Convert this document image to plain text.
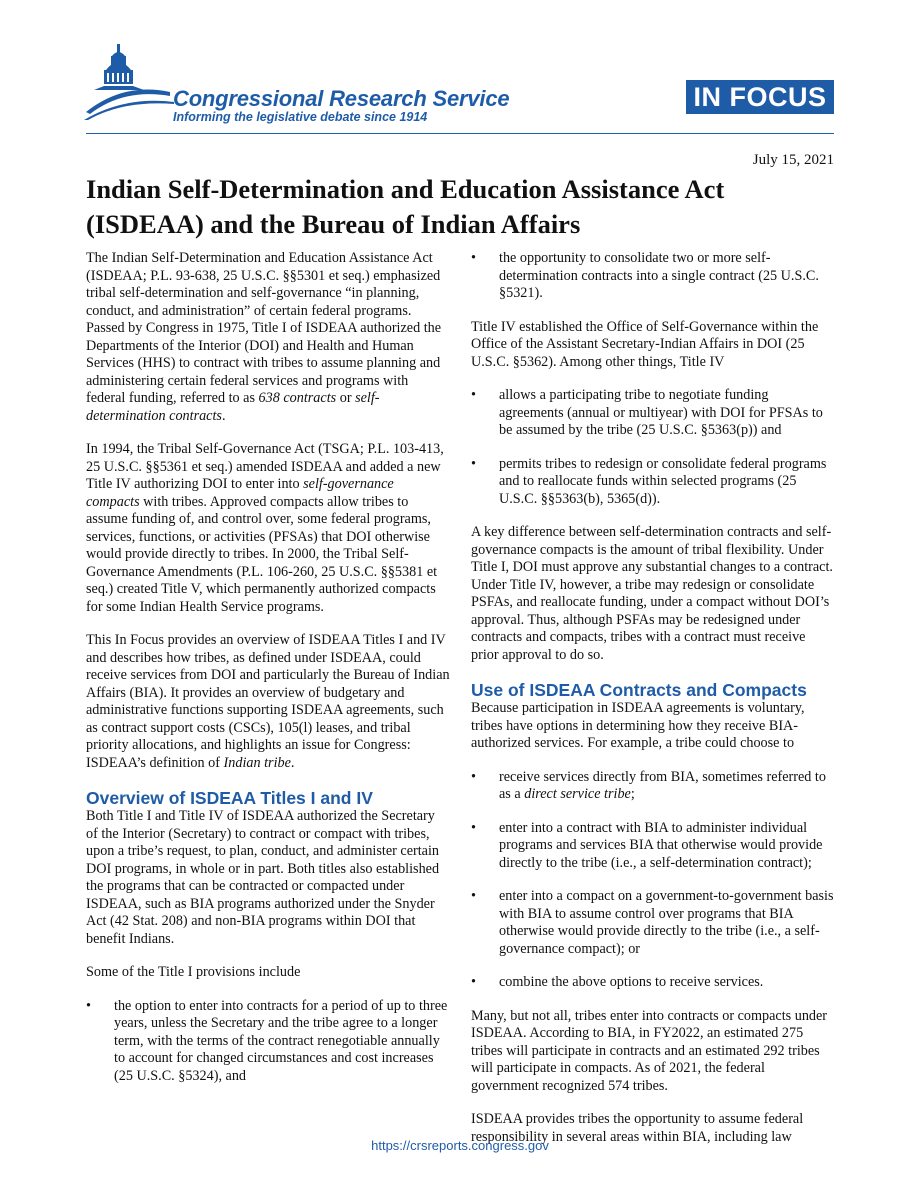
Congressional Research Service
Informing the legislative debate since 1914
IN FOCUS
July 15, 2021
Indian Self-Determination and Education Assistance Act (ISDEAA) and the Bureau of Indian Affairs

The Indian Self-Determination and Education Assistance Act (ISDEAA; P.L. 93-638, 25 U.S.C. §§5301 et seq.) emphasized tribal self-determination and self-governance “in planning, conduct, and administration” of certain federal programs. Passed by Congress in 1975, Title I of ISDEAA authorized the Departments of the Interior (DOI) and Health and Human Services (HHS) to contract with tribes to assume planning and administering certain federal services and programs with federal funding, referred to as 638 contracts or self-determination contracts.

In 1994, the Tribal Self-Governance Act (TSGA; P.L. 103-413, 25 U.S.C. §§5361 et seq.) amended ISDEAA and added a new Title IV authorizing DOI to enter into self-governance compacts with tribes. Approved compacts allow tribes to assume funding of, and control over, some federal programs, services, functions, or activities (PFSAs) that DOI otherwise would provide directly to tribes. In 2000, the Tribal Self-Governance Amendments (P.L. 106-260, 25 U.S.C. §§5381 et seq.) created Title V, which permanently authorized compacts for some Indian Health Service programs.

This In Focus provides an overview of ISDEAA Titles I and IV and describes how tribes, as defined under ISDEAA, could receive services from DOI and particularly the Bureau of Indian Affairs (BIA). It provides an overview of budgetary and administrative functions supporting ISDEAA agreements, such as contract support costs (CSCs), 105(l) leases, and tribal priority allocations, and highlights an issue for Congress: ISDEAA’s definition of Indian tribe.

Overview of ISDEAA Titles I and IV

Both Title I and Title IV of ISDEAA authorized the Secretary of the Interior (Secretary) to contract or compact with tribes, upon a tribe’s request, to plan, conduct, and administer certain DOI programs, in whole or in part. Both titles also established the programs that can be contracted or compacted under ISDEAA, such as BIA programs authorized under the Snyder Act (42 Stat. 208) and non-BIA programs within DOI that benefit Indians.

Some of the Title I provisions include

• the option to enter into contracts for a period of up to three years, unless the Secretary and the tribe agree to a longer term, with the terms of the contract renegotiable annually to account for changed circumstances and cost increases (25 U.S.C. §5324), and
• the opportunity to consolidate two or more self-determination contracts into a single contract (25 U.S.C. §5321).

Title IV established the Office of Self-Governance within the Office of the Assistant Secretary-Indian Affairs in DOI (25 U.S.C. §5362). Among other things, Title IV

• allows a participating tribe to negotiate funding agreements (annual or multiyear) with DOI for PFSAs to be assumed by the tribe (25 U.S.C. §5363(p)) and
• permits tribes to redesign or consolidate federal programs and to reallocate funds within selected programs (25 U.S.C. §§5363(b), 5365(d)).

A key difference between self-determination contracts and self-governance compacts is the amount of tribal flexibility. Under Title I, DOI must approve any substantial changes to a contract. Under Title IV, however, a tribe may redesign or consolidate PSFAs, and reallocate funding, under a compact without DOI’s approval. Thus, although PSFAs may be redesigned under contracts and compacts, tribes with a contract must receive prior approval to do so.

Use of ISDEAA Contracts and Compacts

Because participation in ISDEAA agreements is voluntary, tribes have options in determining how they receive BIA-authorized services. For example, a tribe could choose to

• receive services directly from BIA, sometimes referred to as a direct service tribe;
• enter into a contract with BIA to administer individual programs and services BIA that otherwise would provide directly to the tribe (i.e., a self-determination contract);
• enter into a compact on a government-to-government basis with BIA to assume control over programs that BIA otherwise would provide directly to the tribe (i.e., a self-governance compact); or
• combine the above options to receive services.

Many, but not all, tribes enter into contracts or compacts under ISDEAA. According to BIA, in FY2022, an estimated 275 tribes will participate in contracts and an estimated 292 tribes will participate in compacts. As of 2021, the federal government recognized 574 tribes.

ISDEAA provides tribes the opportunity to assume federal responsibility in several areas within BIA, including law

https://crsreports.congress.gov
